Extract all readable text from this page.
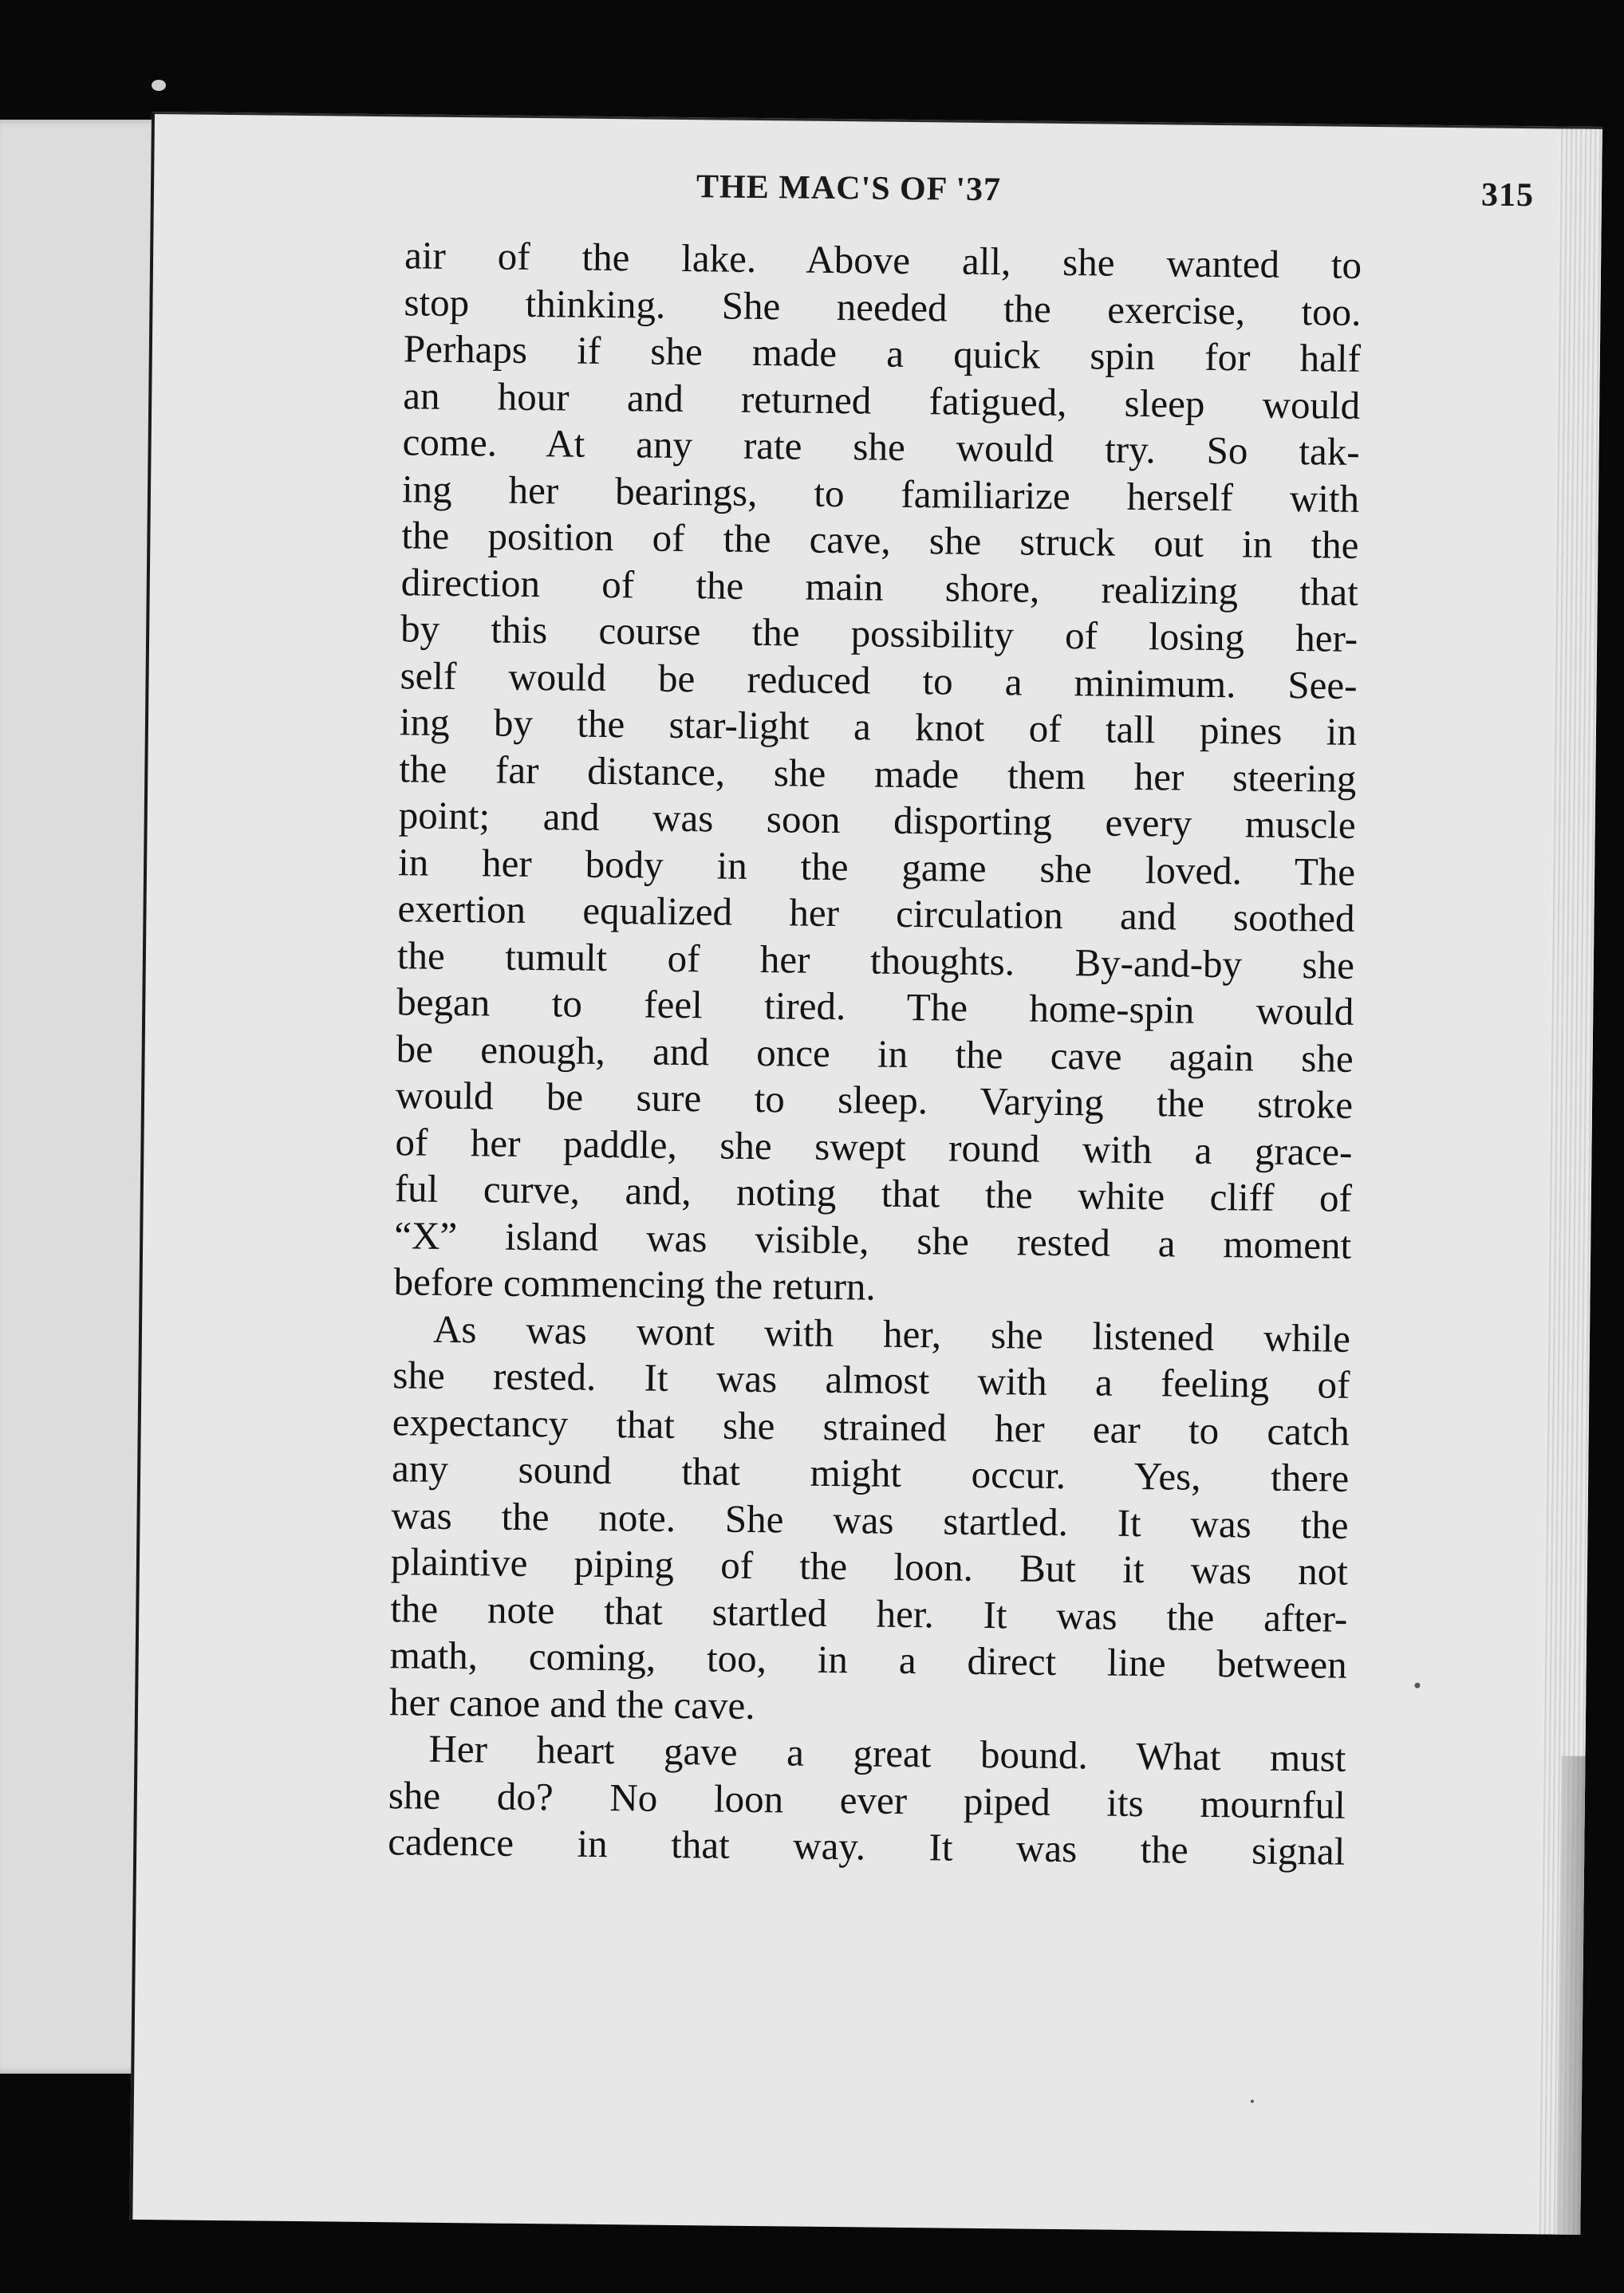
THE MAC'S OF '37	315

air of the lake. Above all, she wanted to

stop thinking. She needed the exercise, too.

Perhaps if she made a quick spin for half

an hour and returned fatigued, sleep would

come. At any rate she would try. So tak-

ing her bearings, to familiarize herself with

the position of the cave, she struck out in the

direction of the main shore, realizing that

by this course the possibility of losing her-

self would be reduced to a minimum. See-

ing by the star-light a knot of tall pines in

the far distance, she made them her steering

point; and was soon disporting every muscle

in her body in the game she loved. The

exertion equalized her circulation and soothed

the tumult of her thoughts. By-and-by she

began to feel tired. The home-spin would

be enough, and once in the cave again she

would be sure to sleep. Varying the stroke

of her paddle, she swept round with a grace-

ful curve, and, noting that the white cliff of

“X” island was visible, she rested a moment

before commencing the return.

As was wont with her, she listened while

she rested. It was almost with a feeling of

expectancy that she strained her ear to catch

any sound that might occur. Yes, there

was the note. She was startled. It was the

plaintive piping of the loon. But it was not

the note that startled her. It was the after-

math, coming, too, in a direct line between

her canoe and the cave.

Her heart gave a great bound. What must

she do? No loon ever piped its mournful

cadence in that way. It was the signal
